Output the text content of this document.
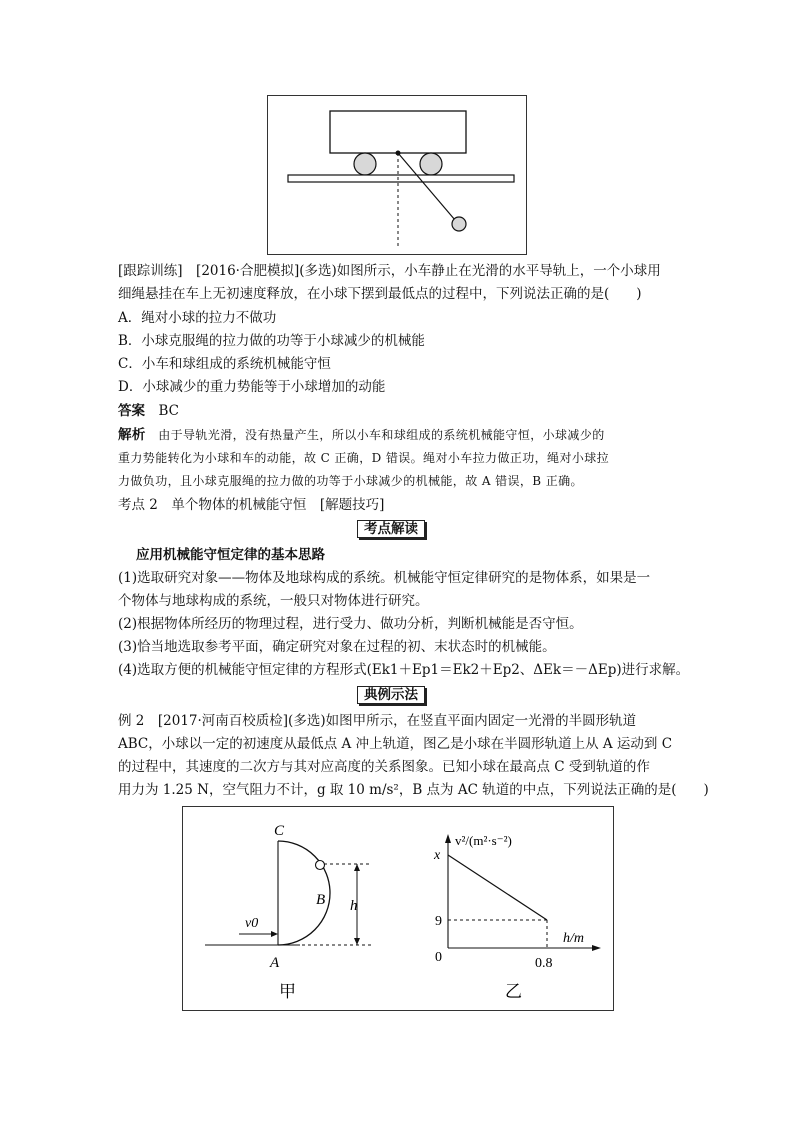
[跟踪训练]　 [2016·合肥模拟](多选)如图所示，小车静止在光滑的水平导轨上，一个小球用
细绳悬挂在车上无初速度释放，在小球下摆到最低点的过程中，下列说法正确的是(　　)
A．绳对小球的拉力不做功
B．小球克服绳的拉力做的功等于小球减少的机械能
C．小车和球组成的系统机械能守恒
D．小球减少的重力势能等于小球增加的动能
答案　 BC
解析　 由于导轨光滑，没有热量产生，所以小车和球组成的系统机械能守恒，小球减少的
重力势能转化为小球和车的动能，故 C 正确，D 错误。绳对小车拉力做正功，绳对小球拉
力做负功，且小球克服绳的拉力做的功等于小球减少的机械能，故 A 错误，B 正确。
考点 2　单个物体的机械能守恒　[解题技巧]
考点解读
应用机械能守恒定律的基本思路
(1)选取研究对象——物体及地球构成的系统。机械能守恒定律研究的是物体系，如果是一
个物体与地球构成的系统，一般只对物体进行研究。
(2)根据物体所经历的物理过程，进行受力、做功分析，判断机械能是否守恒。
(3)恰当地选取参考平面，确定研究对象在过程的初、末状态时的机械能。
(4)选取方便的机械能守恒定律的方程形式(Ek1＋Ep1＝Ek2＋Ep2、ΔEk＝－ΔEp)进行求解。
典例示法
例 2　[2017·河南百校质检](多选)如图甲所示，在竖直平面内固定一光滑的半圆形轨道
ABC，小球以一定的初速度从最低点 A 冲上轨道，图乙是小球在半圆形轨道上从 A 运动到 C
的过程中，其速度的二次方与其对应高度的关系图象。已知小球在最高点 C 受到轨道的作
用力为 1.25 N，空气阻力不计，g 取 10 m/s²，B 点为 AC 轨道的中点，下列说法正确的是(　　)
C
B
A
h
v0
甲	乙
v²/(m²·s⁻²)
h/m
0	0.8
9
x
